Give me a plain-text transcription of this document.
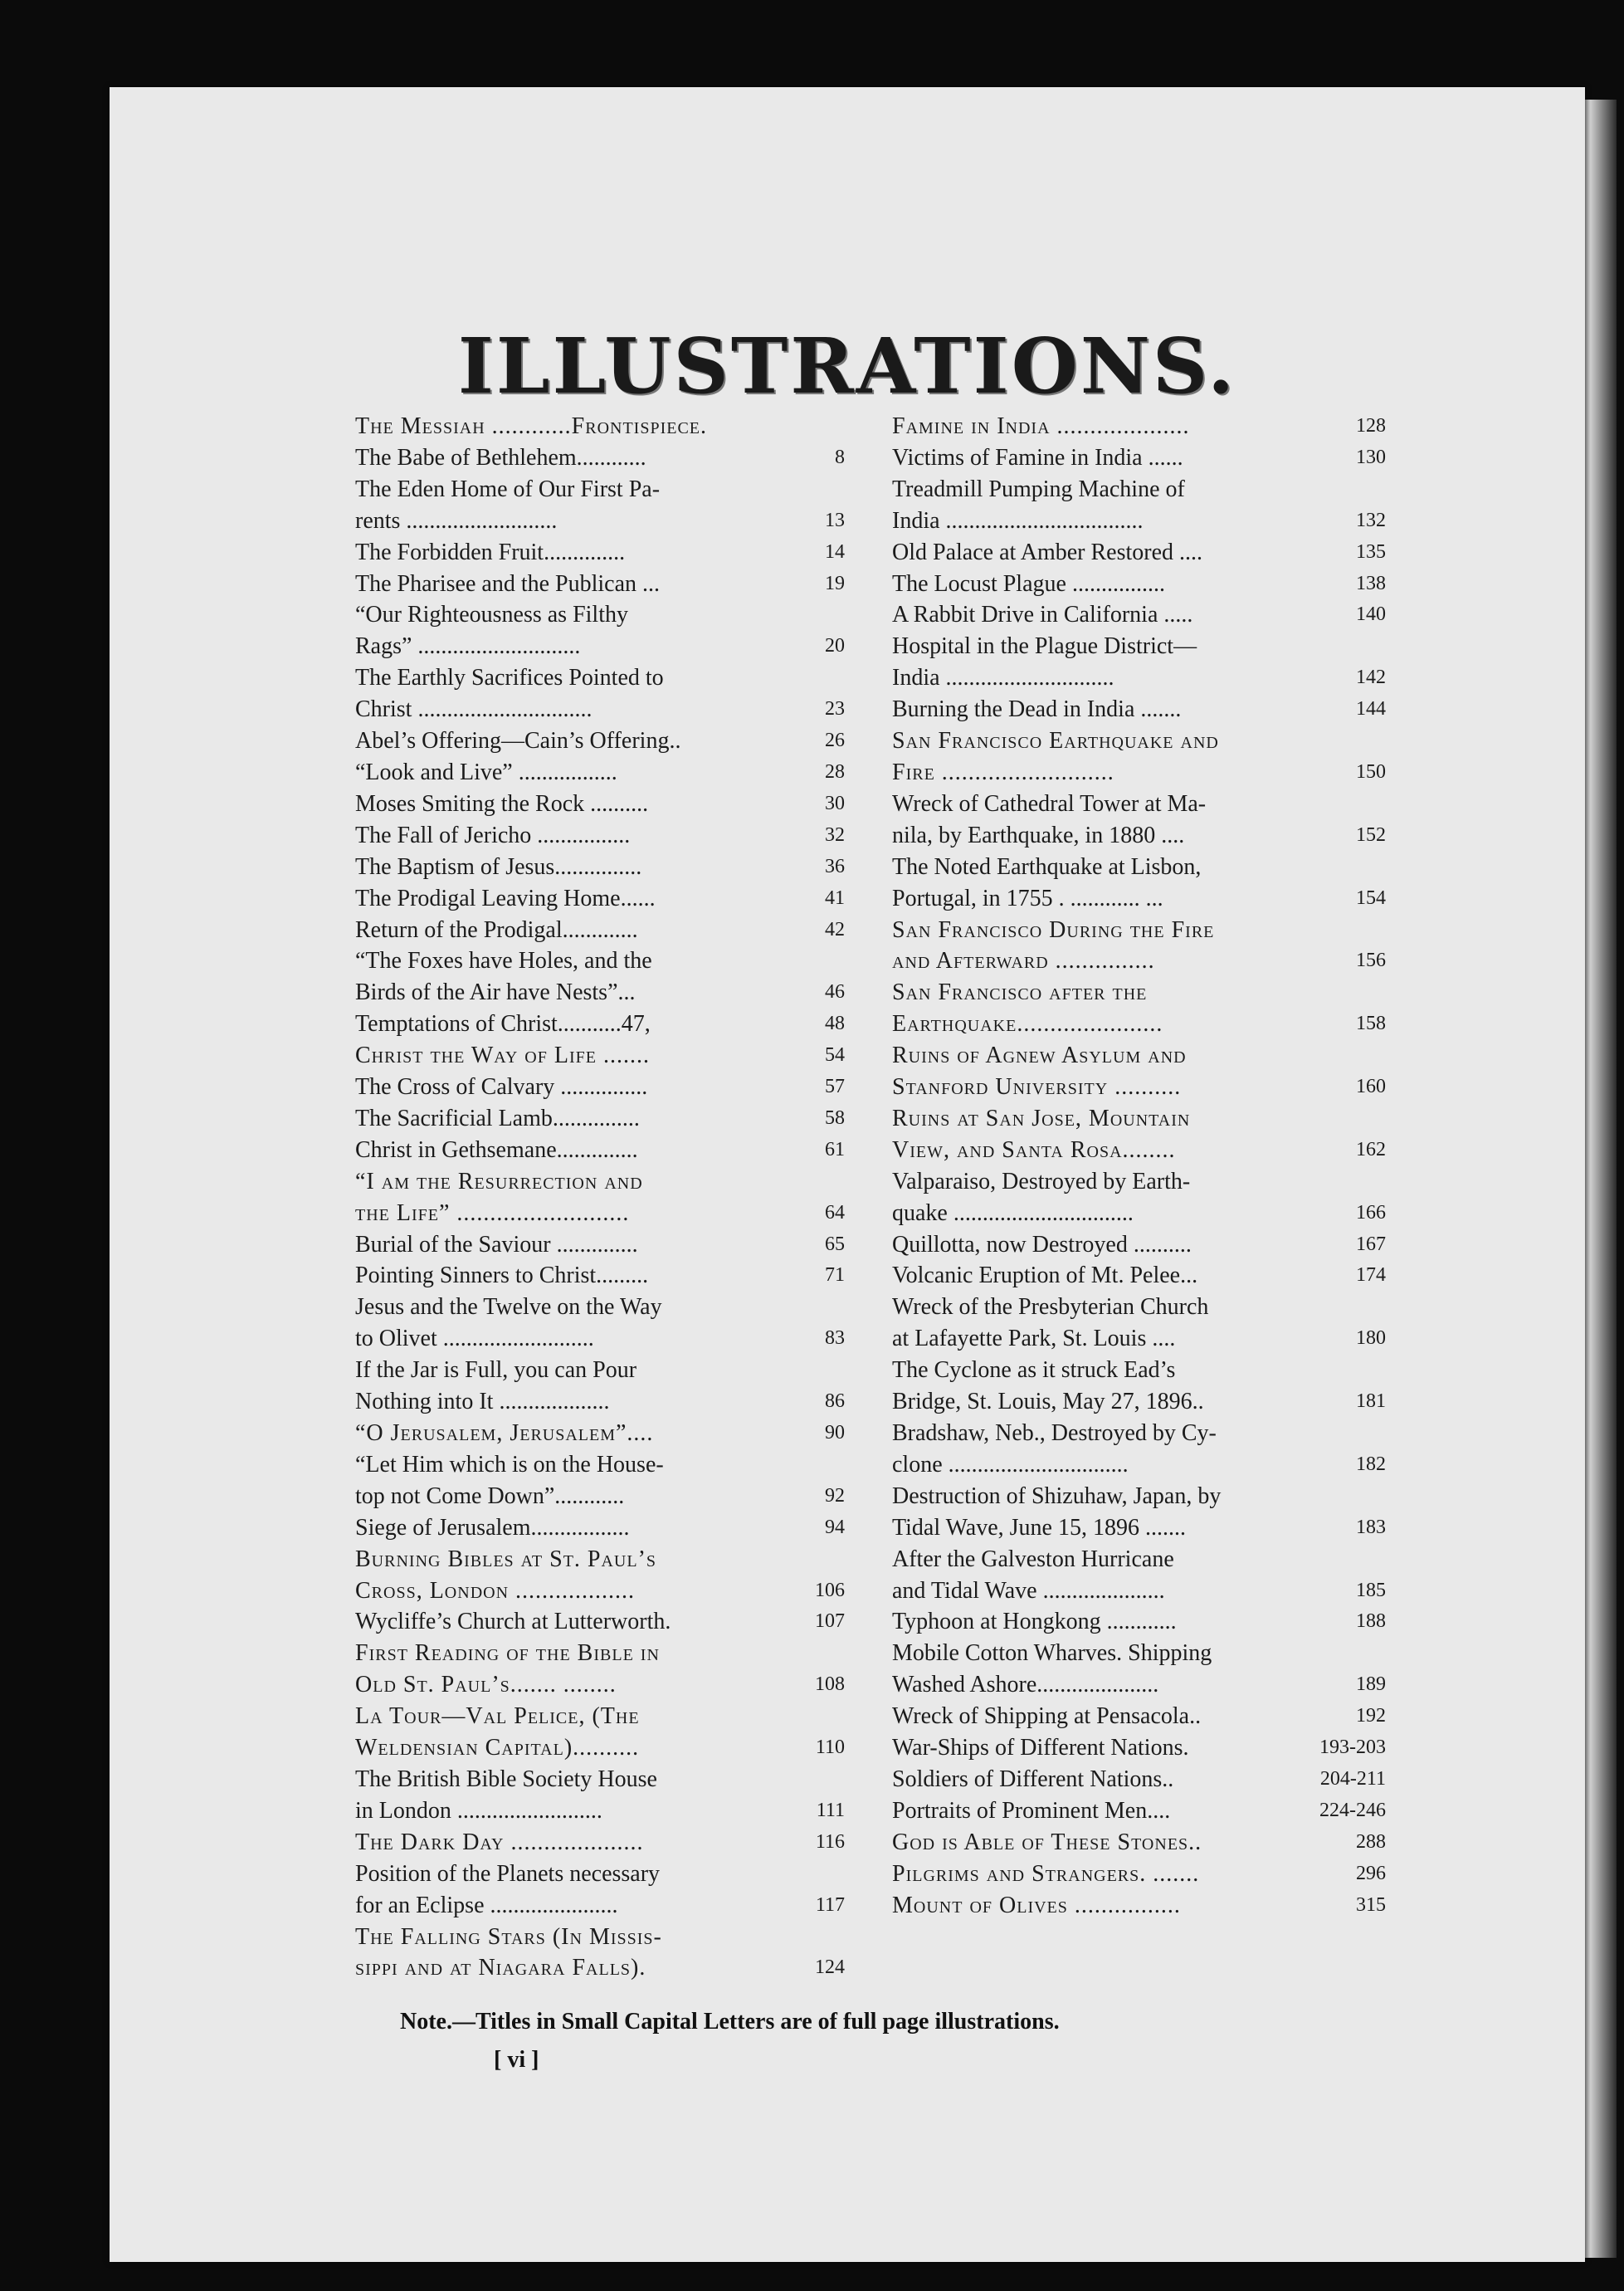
ILLUSTRATIONS.
The Messiah ............Frontispiece.
The Babe of Bethlehem............	8
The Eden Home of Our First Pa-
rents ..........................	13
The Forbidden Fruit..............	14
The Pharisee and the Publican ...	19
“Our Righteousness as Filthy
Rags” ............................	20
The Earthly Sacrifices Pointed to
Christ ..............................	23
Abel’s Offering—Cain’s Offering..	26
“Look and Live” .................	28
Moses Smiting the Rock ..........	30
The Fall of Jericho ................	32
The Baptism of Jesus...............	36
The Prodigal Leaving Home......	41
Return of the Prodigal.............	42
“The Foxes have Holes, and the
Birds of the Air have Nests”...	46
Temptations of Christ...........47,	48
Christ the Way of Life .......	54
The Cross of Calvary ...............	57
The Sacrificial Lamb...............	58
Christ in Gethsemane..............	61
“I am the Resurrection and
the Life” ..........................	64
Burial of the Saviour ..............	65
Pointing Sinners to Christ.........	71
Jesus and the Twelve on the Way
to Olivet ..........................	83
If the Jar is Full, you can Pour
Nothing into It ...................	86
“O Jerusalem, Jerusalem”....	90
“Let Him which is on the House-
top not Come Down”............	92
Siege of Jerusalem.................	94
Burning Bibles at St. Paul’s
Cross, London ..................	106
Wycliffe’s Church at Lutterworth.	107
First Reading of the Bible in
Old St. Paul’s....... ........	108
La Tour—Val Pelice, (The
Weldensian Capital)..........	110
The British Bible Society House
in London .........................	111
The Dark Day ....................	116
Position of the Planets necessary
for an Eclipse ......................	117
The Falling Stars (In Missis-
sippi and at Niagara Falls).	124
Famine in India ....................	128
Victims of Famine in India ......	130
Treadmill Pumping Machine of
India ..................................	132
Old Palace at Amber Restored ....	135
The Locust Plague ................	138
A Rabbit Drive in California .....	140
Hospital in the Plague District—
India .............................	142
Burning the Dead in India .......	144
San Francisco Earthquake and
Fire ..........................	150
Wreck of Cathedral Tower at Ma-
nila, by Earthquake, in 1880 ....	152
The Noted Earthquake at Lisbon,
Portugal, in 1755 . ............ ...	154
San Francisco During the Fire
and Afterward ...............	156
San Francisco after the
Earthquake......................	158
Ruins of Agnew Asylum and
Stanford University ..........	160
Ruins at San Jose, Mountain
View, and Santa Rosa........	162
Valparaiso, Destroyed by Earth-
quake ...............................	166
Quillotta, now Destroyed ..........	167
Volcanic Eruption of Mt. Pelee...	174
Wreck of the Presbyterian Church
at Lafayette Park, St. Louis ....	180
The Cyclone as it struck Ead’s
Bridge, St. Louis, May 27, 1896..	181
Bradshaw, Neb., Destroyed by Cy-
clone ...............................	182
Destruction of Shizuhaw, Japan, by
Tidal Wave, June 15, 1896 .......	183
After the Galveston Hurricane
and Tidal Wave .....................	185
Typhoon at Hongkong ............	188
Mobile Cotton Wharves. Shipping
Washed Ashore.....................	189
Wreck of Shipping at Pensacola..	192
War-Ships of Different Nations.	193-203
Soldiers of Different Nations..	204-211
Portraits of Prominent Men....	224-246
God is Able of These Stones..	288
Pilgrims and Strangers. .......	296
Mount of Olives ................	315
Note.—Titles in Small Capital Letters are of full page illustrations.
[ vi ]
